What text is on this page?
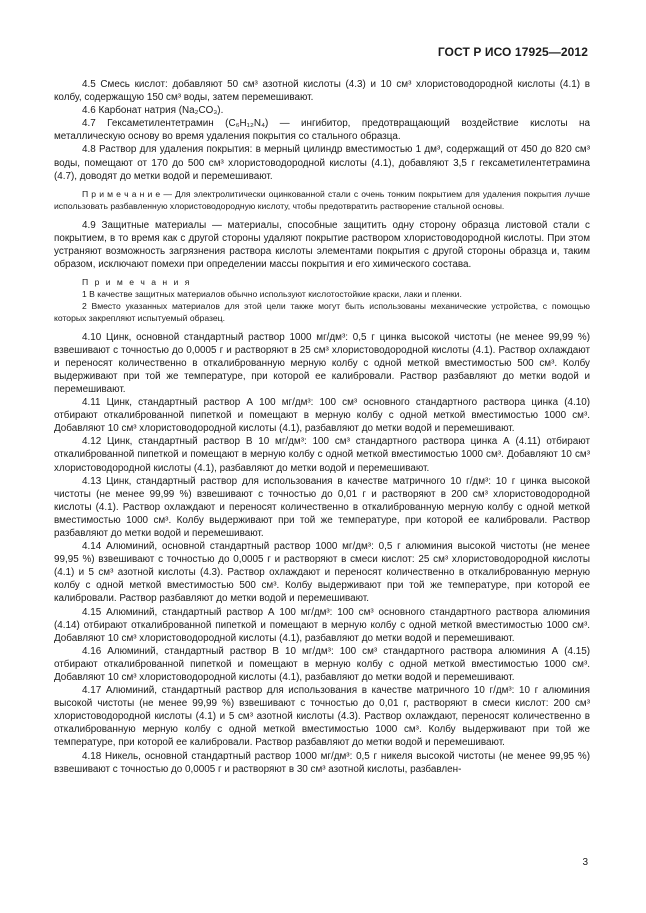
ГОСТ Р ИСО 17925—2012

4.5 Смесь кислот: добавляют 50 см³ азотной кислоты (4.3) и 10 см³ хлористоводородной кислоты (4.1) в колбу, содержащую 150 см³ воды, затем перемешивают.

4.6 Карбонат натрия (Na₂CO₃).

4.7 Гексаметилентетрамин (C₆H₁₂N₄) — ингибитор, предотвращающий воздействие кислоты на металлическую основу во время удаления покрытия со стального образца.

4.8 Раствор для удаления покрытия: в мерный цилиндр вместимостью 1 дм³, содержащий от 450 до 820 см³ воды, помещают от 170 до 500 см³ хлористоводородной кислоты (4.1), добавляют 3,5 г гексаметилентетрамина (4.7), доводят до метки водой и перемешивают.

П р и м е ч а н и е — Для электролитически оцинкованной стали с очень тонким покрытием для удаления покрытия лучше использовать разбавленную хлористоводородную кислоту, чтобы предотвратить растворение стальной основы.

4.9 Защитные материалы — материалы, способные защитить одну сторону образца листовой стали с покрытием, в то время как с другой стороны удаляют покрытие раствором хлористоводородной кислоты. При этом устраняют возможность загрязнения раствора кислоты элементами покрытия с другой стороны образца и, таким образом, исключают помехи при определении массы покрытия и его химического состава.

П р и м е ч а н и я

1 В качестве защитных материалов обычно используют кислотостойкие краски, лаки и пленки.

2 Вместо указанных материалов для этой цели также могут быть использованы механические устройства, с помощью которых закрепляют испытуемый образец.

4.10 Цинк, основной стандартный раствор 1000 мг/дм³: 0,5 г цинка высокой чистоты (не менее 99,99 %) взвешивают с точностью до 0,0005 г и растворяют в 25 см³ хлористоводородной кислоты (4.1). Раствор охлаждают и переносят количественно в откалиброванную мерную колбу с одной меткой вместимостью 500 см³. Колбу выдерживают при той же температуре, при которой ее калибровали. Раствор разбавляют до метки водой и перемешивают.

4.11 Цинк, стандартный раствор А 100 мг/дм³: 100 см³ основного стандартного раствора цинка (4.10) отбирают откалиброванной пипеткой и помещают в мерную колбу с одной меткой вместимостью 1000 см³. Добавляют 10 см³ хлористоводородной кислоты (4.1), разбавляют до метки водой и перемешивают.

4.12 Цинк, стандартный раствор В 10 мг/дм³: 100 см³ стандартного раствора цинка А (4.11) отбирают откалиброванной пипеткой и помещают в мерную колбу с одной меткой вместимостью 1000 см³. Добавляют 10 см³ хлористоводородной кислоты (4.1), разбавляют до метки водой и перемешивают.

4.13 Цинк, стандартный раствор для использования в качестве матричного 10 г/дм³: 10 г цинка высокой чистоты (не менее 99,99 %) взвешивают с точностью до 0,01 г и растворяют в 200 см³ хлористоводородной кислоты (4.1). Раствор охлаждают и переносят количественно в откалиброванную мерную колбу с одной меткой вместимостью 1000 см³. Колбу выдерживают при той же температуре, при которой ее калибровали. Раствор разбавляют до метки водой и перемешивают.

4.14 Алюминий, основной стандартный раствор 1000 мг/дм³: 0,5 г алюминия высокой чистоты (не менее 99,95 %) взвешивают с точностью до 0,0005 г и растворяют в смеси кислот: 25 см³ хлористоводородной кислоты (4.1) и 5 см³ азотной кислоты (4.3). Раствор охлаждают и переносят количественно в откалиброванную мерную колбу с одной меткой вместимостью 500 см³. Колбу выдерживают при той же температуре, при которой ее калибровали. Раствор разбавляют до метки водой и перемешивают.

4.15 Алюминий, стандартный раствор А 100 мг/дм³: 100 см³ основного стандартного раствора алюминия (4.14) отбирают откалиброванной пипеткой и помещают в мерную колбу с одной меткой вместимостью 1000 см³. Добавляют 10 см³ хлористоводородной кислоты (4.1), разбавляют до метки водой и перемешивают.

4.16 Алюминий, стандартный раствор В 10 мг/дм³: 100 см³ стандартного раствора алюминия А (4.15) отбирают откалиброванной пипеткой и помещают в мерную колбу с одной меткой вместимостью 1000 см³. Добавляют 10 см³ хлористоводородной кислоты (4.1), разбавляют до метки водой и перемешивают.

4.17 Алюминий, стандартный раствор для использования в качестве матричного 10 г/дм³: 10 г алюминия высокой чистоты (не менее 99,99 %) взвешивают с точностью до 0,01 г, растворяют в смеси кислот: 200 см³ хлористоводородной кислоты (4.1) и 5 см³ азотной кислоты (4.3). Раствор охлаждают, переносят количественно в откалиброванную мерную колбу с одной меткой вместимостью 1000 см³. Колбу выдерживают при той же температуре, при которой ее калибровали. Раствор разбавляют до метки водой и перемешивают.

4.18 Никель, основной стандартный раствор 1000 мг/дм³: 0,5 г никеля высокой чистоты (не менее 99,95 %) взвешивают с точностью до 0,0005 г и растворяют в 30 см³ азотной кислоты, разбавлен-

3
